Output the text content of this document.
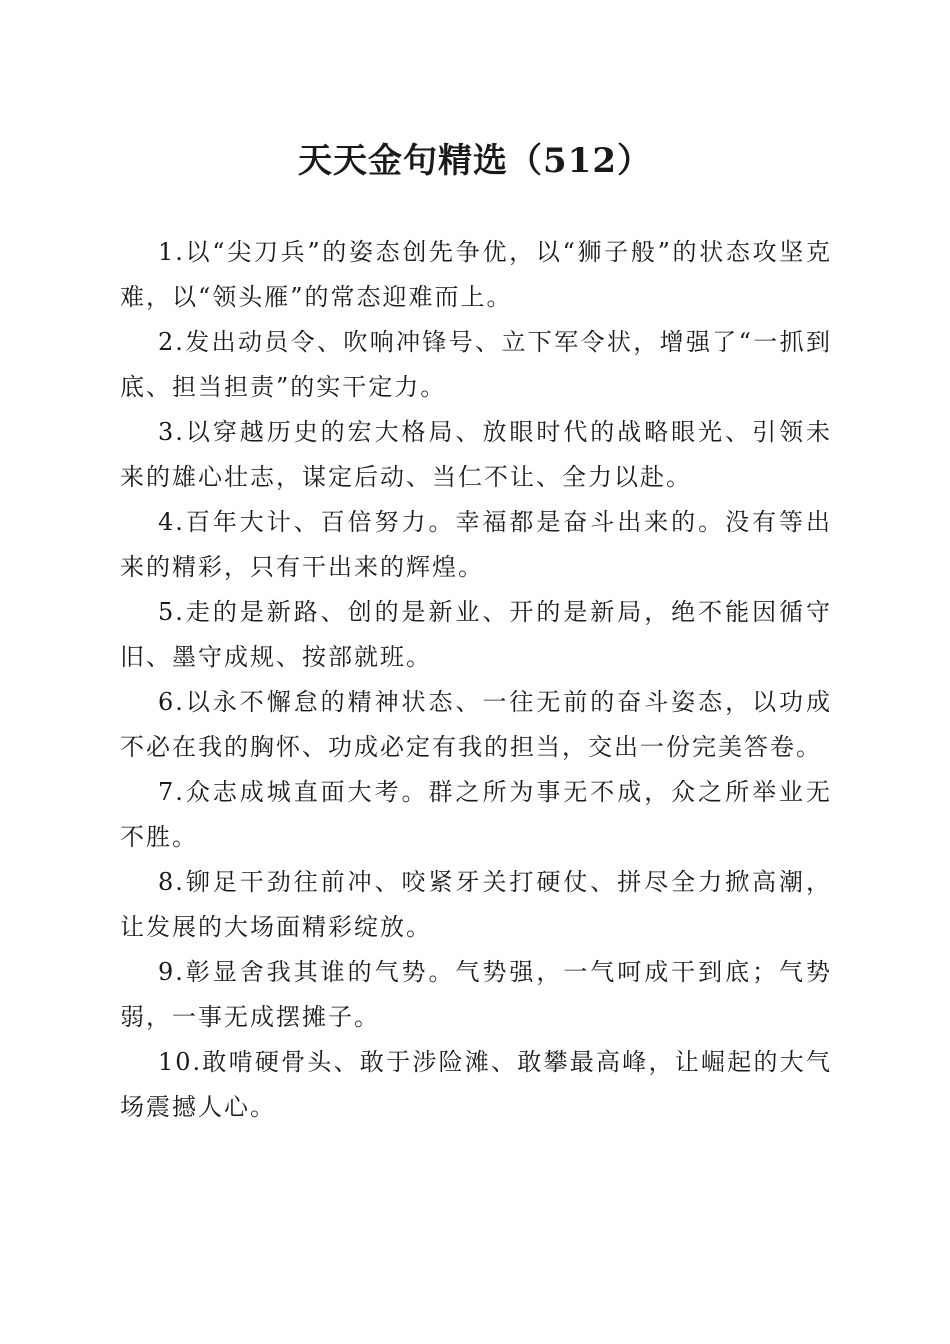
天天金句精选（512）

1.以“尖刀兵”的姿态创先争优，以“狮子般”的状态攻坚克难，以“领头雁”的常态迎难而上。

2.发出动员令、吹响冲锋号、立下军令状，增强了“一抓到底、担当担责”的实干定力。

3.以穿越历史的宏大格局、放眼时代的战略眼光、引领未来的雄心壮志，谋定后动、当仁不让、全力以赴。

4.百年大计、百倍努力。幸福都是奋斗出来的。没有等出来的精彩，只有干出来的辉煌。

5.走的是新路、创的是新业、开的是新局，绝不能因循守旧、墨守成规、按部就班。

6.以永不懈怠的精神状态、一往无前的奋斗姿态，以功成不必在我的胸怀、功成必定有我的担当，交出一份完美答卷。

7.众志成城直面大考。群之所为事无不成，众之所举业无不胜。

8.铆足干劲往前冲、咬紧牙关打硬仗、拼尽全力掀高潮，让发展的大场面精彩绽放。

9.彰显舍我其谁的气势。气势强，一气呵成干到底；气势弱，一事无成摆摊子。

10.敢啃硬骨头、敢于涉险滩、敢攀最高峰，让崛起的大气场震撼人心。
